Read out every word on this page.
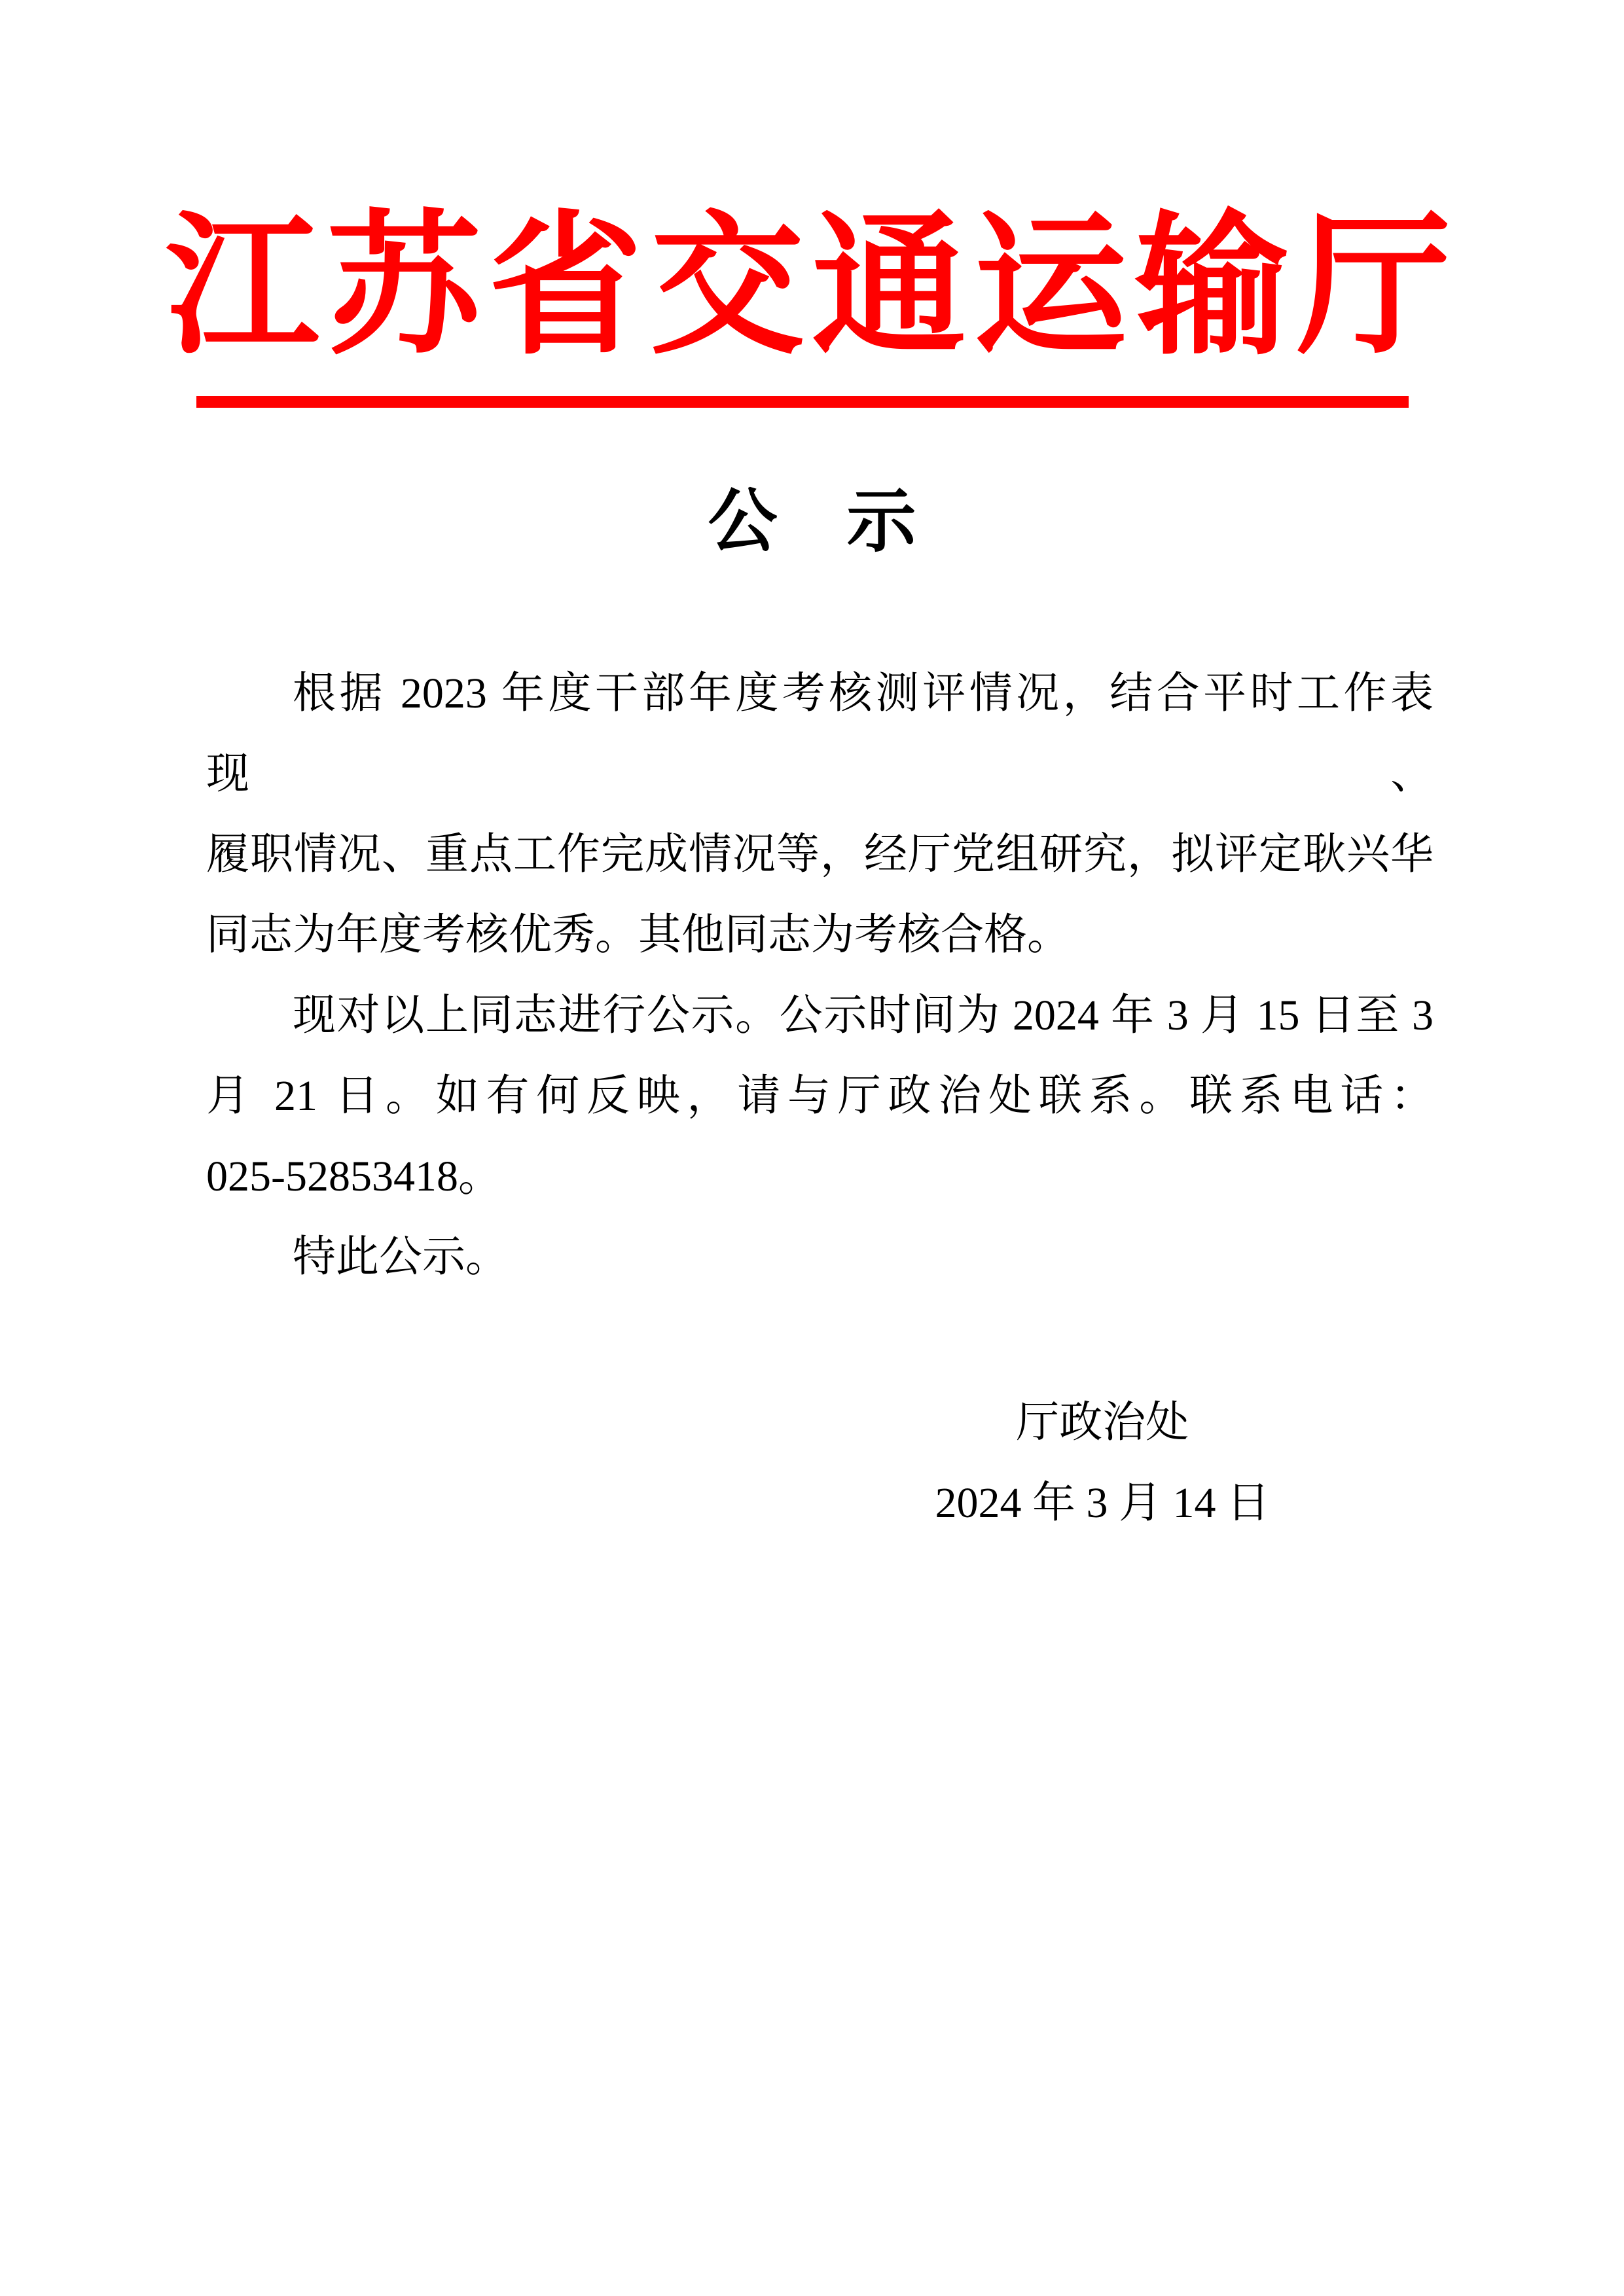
江苏省交通运输厅
公　示
根据 2023 年度干部年度考核测评情况，结合平时工作表现、
履职情况、重点工作完成情况等，经厅党组研究，拟评定耿兴华
同志为年度考核优秀。其他同志为考核合格。
现对以上同志进行公示。公示时间为 2024 年 3 月 15 日至 3
月 21 日。如有何反映，请与厅政治处联系。联系电话：
025-52853418。
特此公示。
厅政治处
2024 年 3 月 14 日
